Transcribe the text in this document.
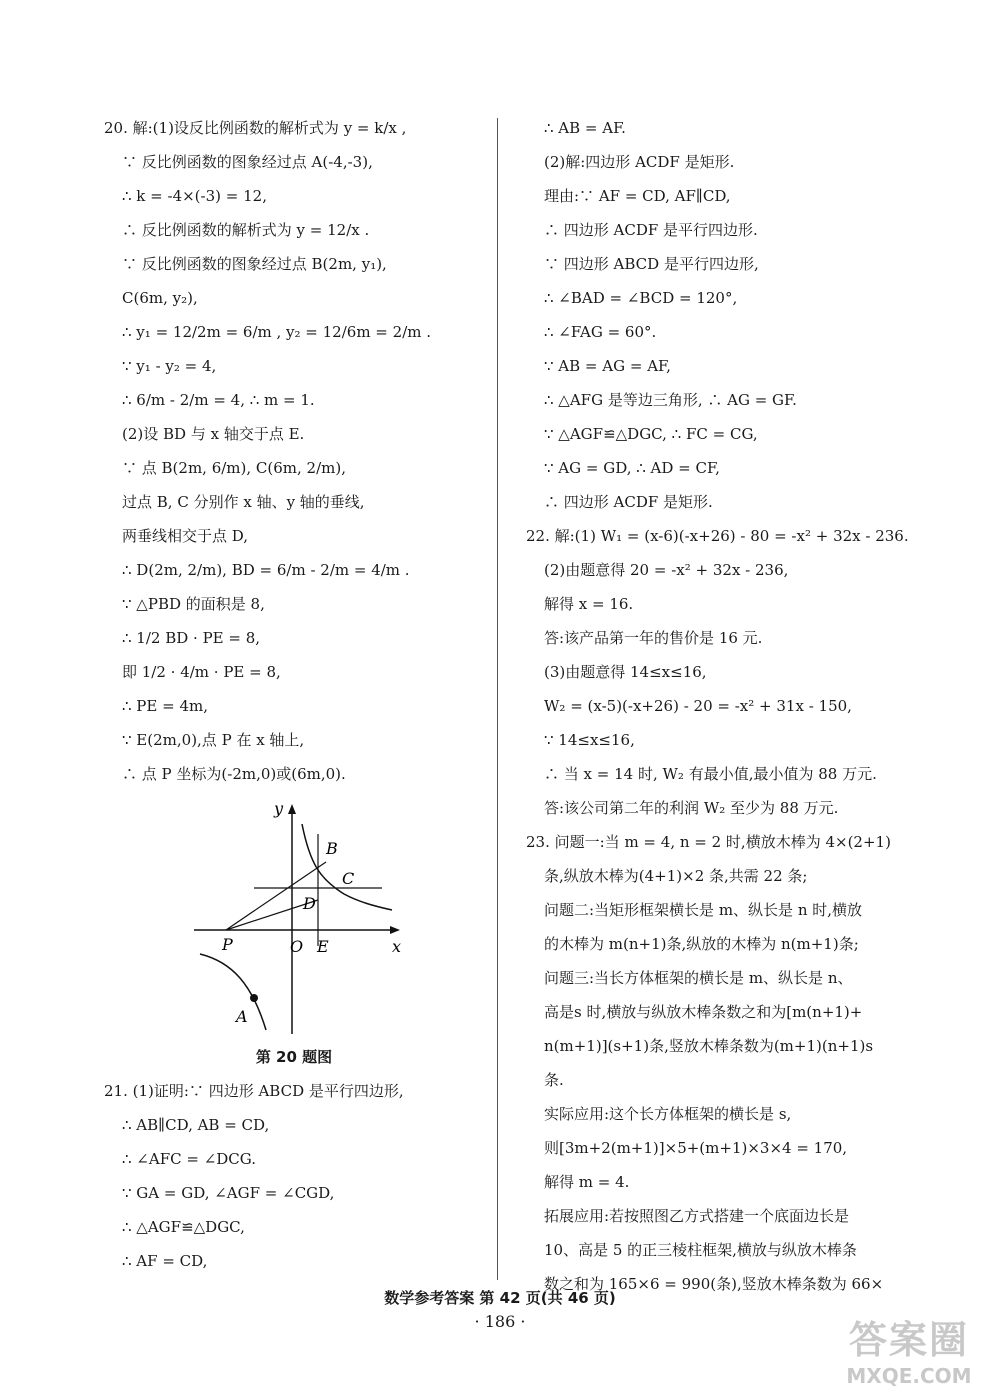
20. 解:(1)设反比例函数的解析式为 y = k/x ,
∵ 反比例函数的图象经过点 A(-4,-3),
∴ k = -4×(-3) = 12,
∴ 反比例函数的解析式为 y = 12/x .
∵ 反比例函数的图象经过点 B(2m, y₁),
C(6m, y₂),
∴ y₁ = 12/2m = 6/m , y₂ = 12/6m = 2/m .
∵ y₁ - y₂ = 4,
∴ 6/m - 2/m = 4, ∴ m = 1.
(2)设 BD 与 x 轴交于点 E.
∵ 点 B(2m, 6/m), C(6m, 2/m),
过点 B, C 分别作 x 轴、y 轴的垂线,
两垂线相交于点 D,
∴ D(2m, 2/m), BD = 6/m - 2/m = 4/m .
∵ △PBD 的面积是 8,
∴ 1/2 BD · PE = 8,
即 1/2 · 4/m · PE = 8,
∴ PE = 4m,
∵ E(2m,0),点 P 在 x 轴上,
∴ 点 P 坐标为(-2m,0)或(6m,0).
y
x
B
C
D
P	O E
A
第 20 题图
21. (1)证明:∵ 四边形 ABCD 是平行四边形,
∴ AB∥CD, AB = CD,
∴ ∠AFC = ∠DCG.
∵ GA = GD, ∠AGF = ∠CGD,
∴ △AGF≌△DGC,
∴ AF = CD,
∴ AB = AF.
(2)解:四边形 ACDF 是矩形.
理由:∵ AF = CD, AF∥CD,
∴ 四边形 ACDF 是平行四边形.
∵ 四边形 ABCD 是平行四边形,
∴ ∠BAD = ∠BCD = 120°,
∴ ∠FAG = 60°.
∵ AB = AG = AF,
∴ △AFG 是等边三角形, ∴ AG = GF.
∵ △AGF≌△DGC, ∴ FC = CG,
∵ AG = GD, ∴ AD = CF,
∴ 四边形 ACDF 是矩形.
22. 解:(1) W₁ = (x-6)(-x+26) - 80 = -x² + 32x - 236.
(2)由题意得 20 = -x² + 32x - 236,
解得 x = 16.
答:该产品第一年的售价是 16 元.
(3)由题意得 14≤x≤16,
W₂ = (x-5)(-x+26) - 20 = -x² + 31x - 150,
∵ 14≤x≤16,
∴ 当 x = 14 时, W₂ 有最小值,最小值为 88 万元.
答:该公司第二年的利润 W₂ 至少为 88 万元.
23. 问题一:当 m = 4, n = 2 时,横放木棒为 4×(2+1)
条,纵放木棒为(4+1)×2 条,共需 22 条;
问题二:当矩形框架横长是 m、纵长是 n 时,横放
的木棒为 m(n+1)条,纵放的木棒为 n(m+1)条;
问题三:当长方体框架的横长是 m、纵长是 n、
高是s 时,横放与纵放木棒条数之和为[m(n+1)+
n(m+1)](s+1)条,竖放木棒条数为(m+1)(n+1)s
条.
实际应用:这个长方体框架的横长是 s,
则[3m+2(m+1)]×5+(m+1)×3×4 = 170,
解得 m = 4.
拓展应用:若按照图乙方式搭建一个底面边长是
10、高是 5 的正三棱柱框架,横放与纵放木棒条
数之和为 165×6 = 990(条),竖放木棒条数为 66×
数学参考答案 第 42 页(共 46 页)
· 186 ·	答案圈
MXQE.COM
